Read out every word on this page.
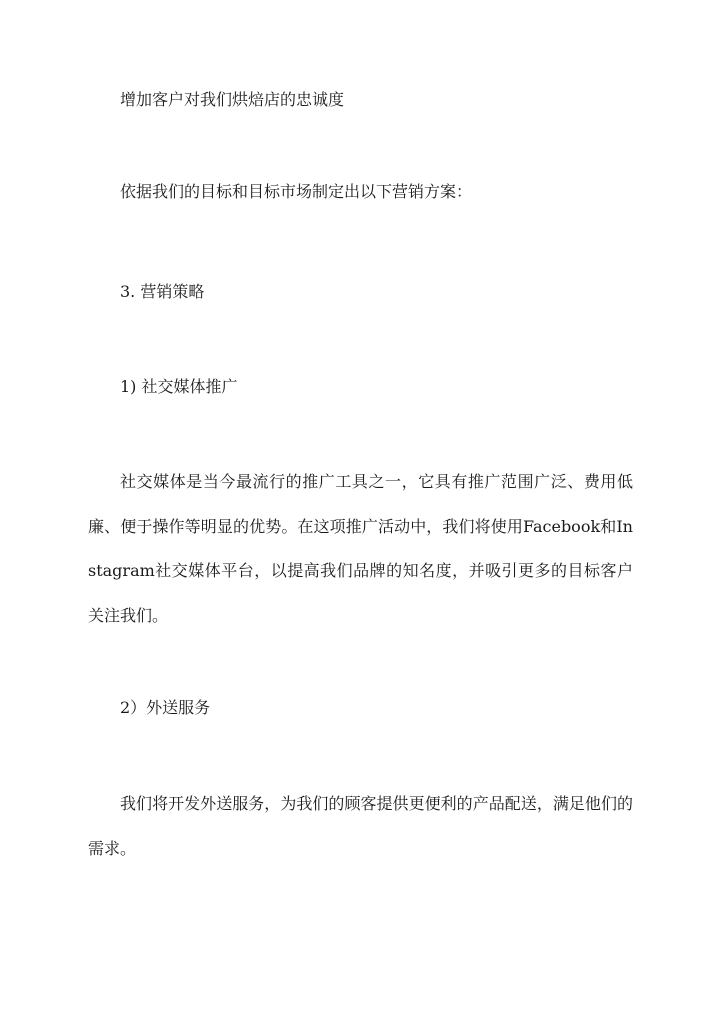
增加客户对我们烘焙店的忠诚度
依据我们的目标和目标市场制定出以下营销方案：
3. 营销策略
1) 社交媒体推广
社交媒体是当今最流行的推广工具之一，它具有推广范围广泛、费用低廉、便于操作等明显的优势。在这项推广活动中，我们将使用Facebook和Instagram社交媒体平台，以提高我们品牌的知名度，并吸引更多的目标客户关注我们。
2）外送服务
我们将开发外送服务，为我们的顾客提供更便利的产品配送，满足他们的需求。
